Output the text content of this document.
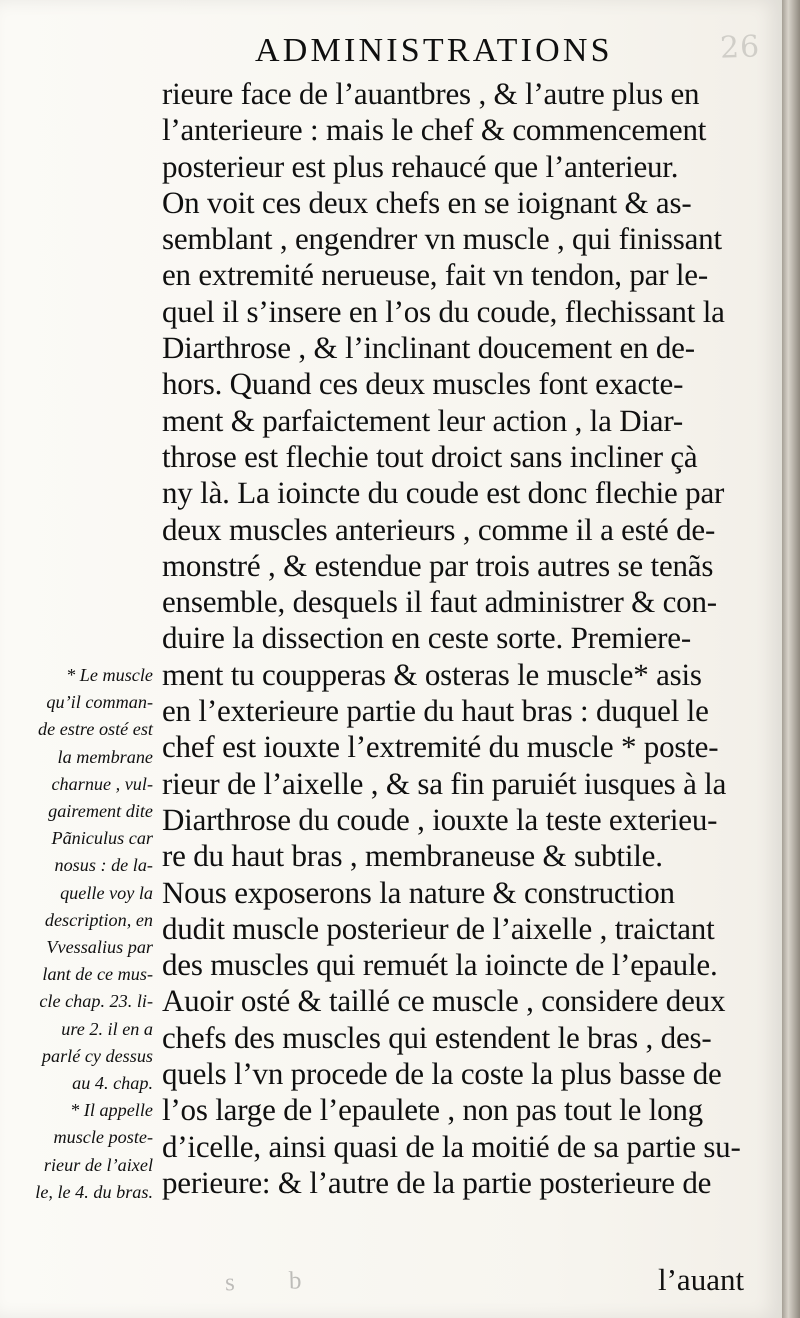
26
ADMINISTRATIONS
rieure face de l’auantbres , & l’autre plus en
l’anterieure : mais le chef & commencement
posterieur est plus rehaucé que l’anterieur.
On voit ces deux chefs en se ioignant & as-
semblant , engendrer vn muscle , qui finissant
en extremité nerueuse, fait vn tendon, par le-
quel il s’insere en l’os du coude, flechissant la
Diarthrose , & l’inclinant doucement en de-
hors. Quand ces deux muscles font exacte-
ment & parfaictement leur action , la Diar-
throse est flechie tout droict sans incliner çà
ny là. La ioincte du coude est donc flechie par
deux muscles anterieurs , comme il a esté de-
monstré , & estendue par trois autres se tenãs
ensemble, desquels il faut administrer & con-
duire la dissection en ceste sorte. Premiere-
ment tu coupperas & osteras le muscle* asis
en l’exterieure partie du haut bras : duquel le
chef est iouxte l’extremité du muscle * poste-
rieur de l’aixelle , & sa fin paruiét iusques à la
Diarthrose du coude , iouxte la teste exterieu-
re du haut bras , membraneuse & subtile.
Nous exposerons la nature & construction
dudit muscle posterieur de l’aixelle , traictant
des muscles qui remuét la ioincte de l’epaule.
Auoir osté & taillé ce muscle , considere deux
chefs des muscles qui estendent le bras , des-
quels l’vn procede de la coste la plus basse de
l’os large de l’epaulete , non pas tout le long
d’icelle, ainsi quasi de la moitié de sa partie su-
perieure: & l’autre de la partie posterieure de
* Le muscle
qu’il comman-
de estre osté est
la membrane
charnue , vul-
gairement dite
Pãniculus car
nosus : de la-
quelle voy la
description, en
Vvessalius par
lant de ce mus-
cle chap. 23. li-
ure 2. il en a
parlé cy dessus
au 4. chap.
* Il appelle
muscle poste-
rieur de l’aixel
le, le 4. du bras.
s b	l’auant
